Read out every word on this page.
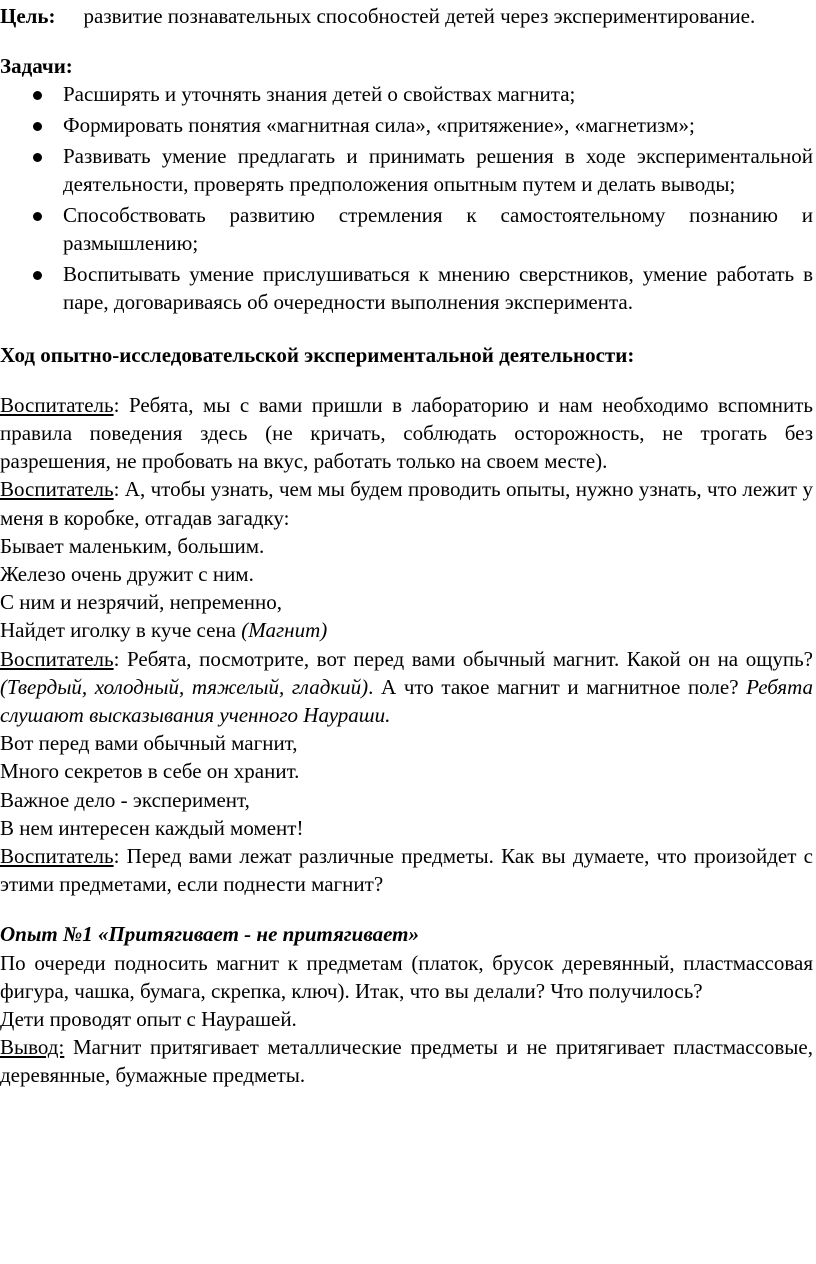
Цель: развитие познавательных способностей детей через экспериментирование.

Задачи:

Расширять и уточнять знания детей о свойствах магнита;
Формировать понятия «магнитная сила», «притяжение», «магнетизм»;
Развивать умение предлагать и принимать решения в ходе экспериментальной деятельности, проверять предположения опытным путем и делать выводы;
Способствовать развитию стремления к самостоятельному познанию и размышлению;
Воспитывать умение прислушиваться к мнению сверстников, умение работать в паре, договариваясь об очередности выполнения эксперимента.

Ход опытно-исследовательской экспериментальной деятельности:

Воспитатель: Ребята, мы с вами пришли в лабораторию и нам необходимо вспомнить правила поведения здесь (не кричать, соблюдать осторожность, не трогать без разрешения, не пробовать на вкус, работать только на своем месте).

Воспитатель: А, чтобы узнать, чем мы будем проводить опыты, нужно узнать, что лежит у меня в коробке, отгадав загадку:

Бывает маленьким, большим.

Железо очень дружит с ним.

С ним и незрячий, непременно,

Найдет иголку в куче сена (Магнит)

Воспитатель: Ребята, посмотрите, вот перед вами обычный магнит. Какой он на ощупь? (Твердый, холодный, тяжелый, гладкий). А что такое магнит и магнитное поле? Ребята слушают высказывания ученного Наураши.

Вот перед вами обычный магнит,

Много секретов в себе он хранит.

Важное дело - эксперимент,

В нем интересен каждый момент!

Воспитатель: Перед вами лежат различные предметы. Как вы думаете, что произойдет с этими предметами, если поднести магнит?

Опыт №1 «Притягивает - не притягивает»

По очереди подносить магнит к предметам (платок, брусок деревянный, пластмассовая фигура, чашка, бумага, скрепка, ключ). Итак, что вы делали? Что получилось?

Дети проводят опыт с Наурашей.

Вывод: Магнит притягивает металлические предметы и не притягивает пластмассовые, деревянные, бумажные предметы.
